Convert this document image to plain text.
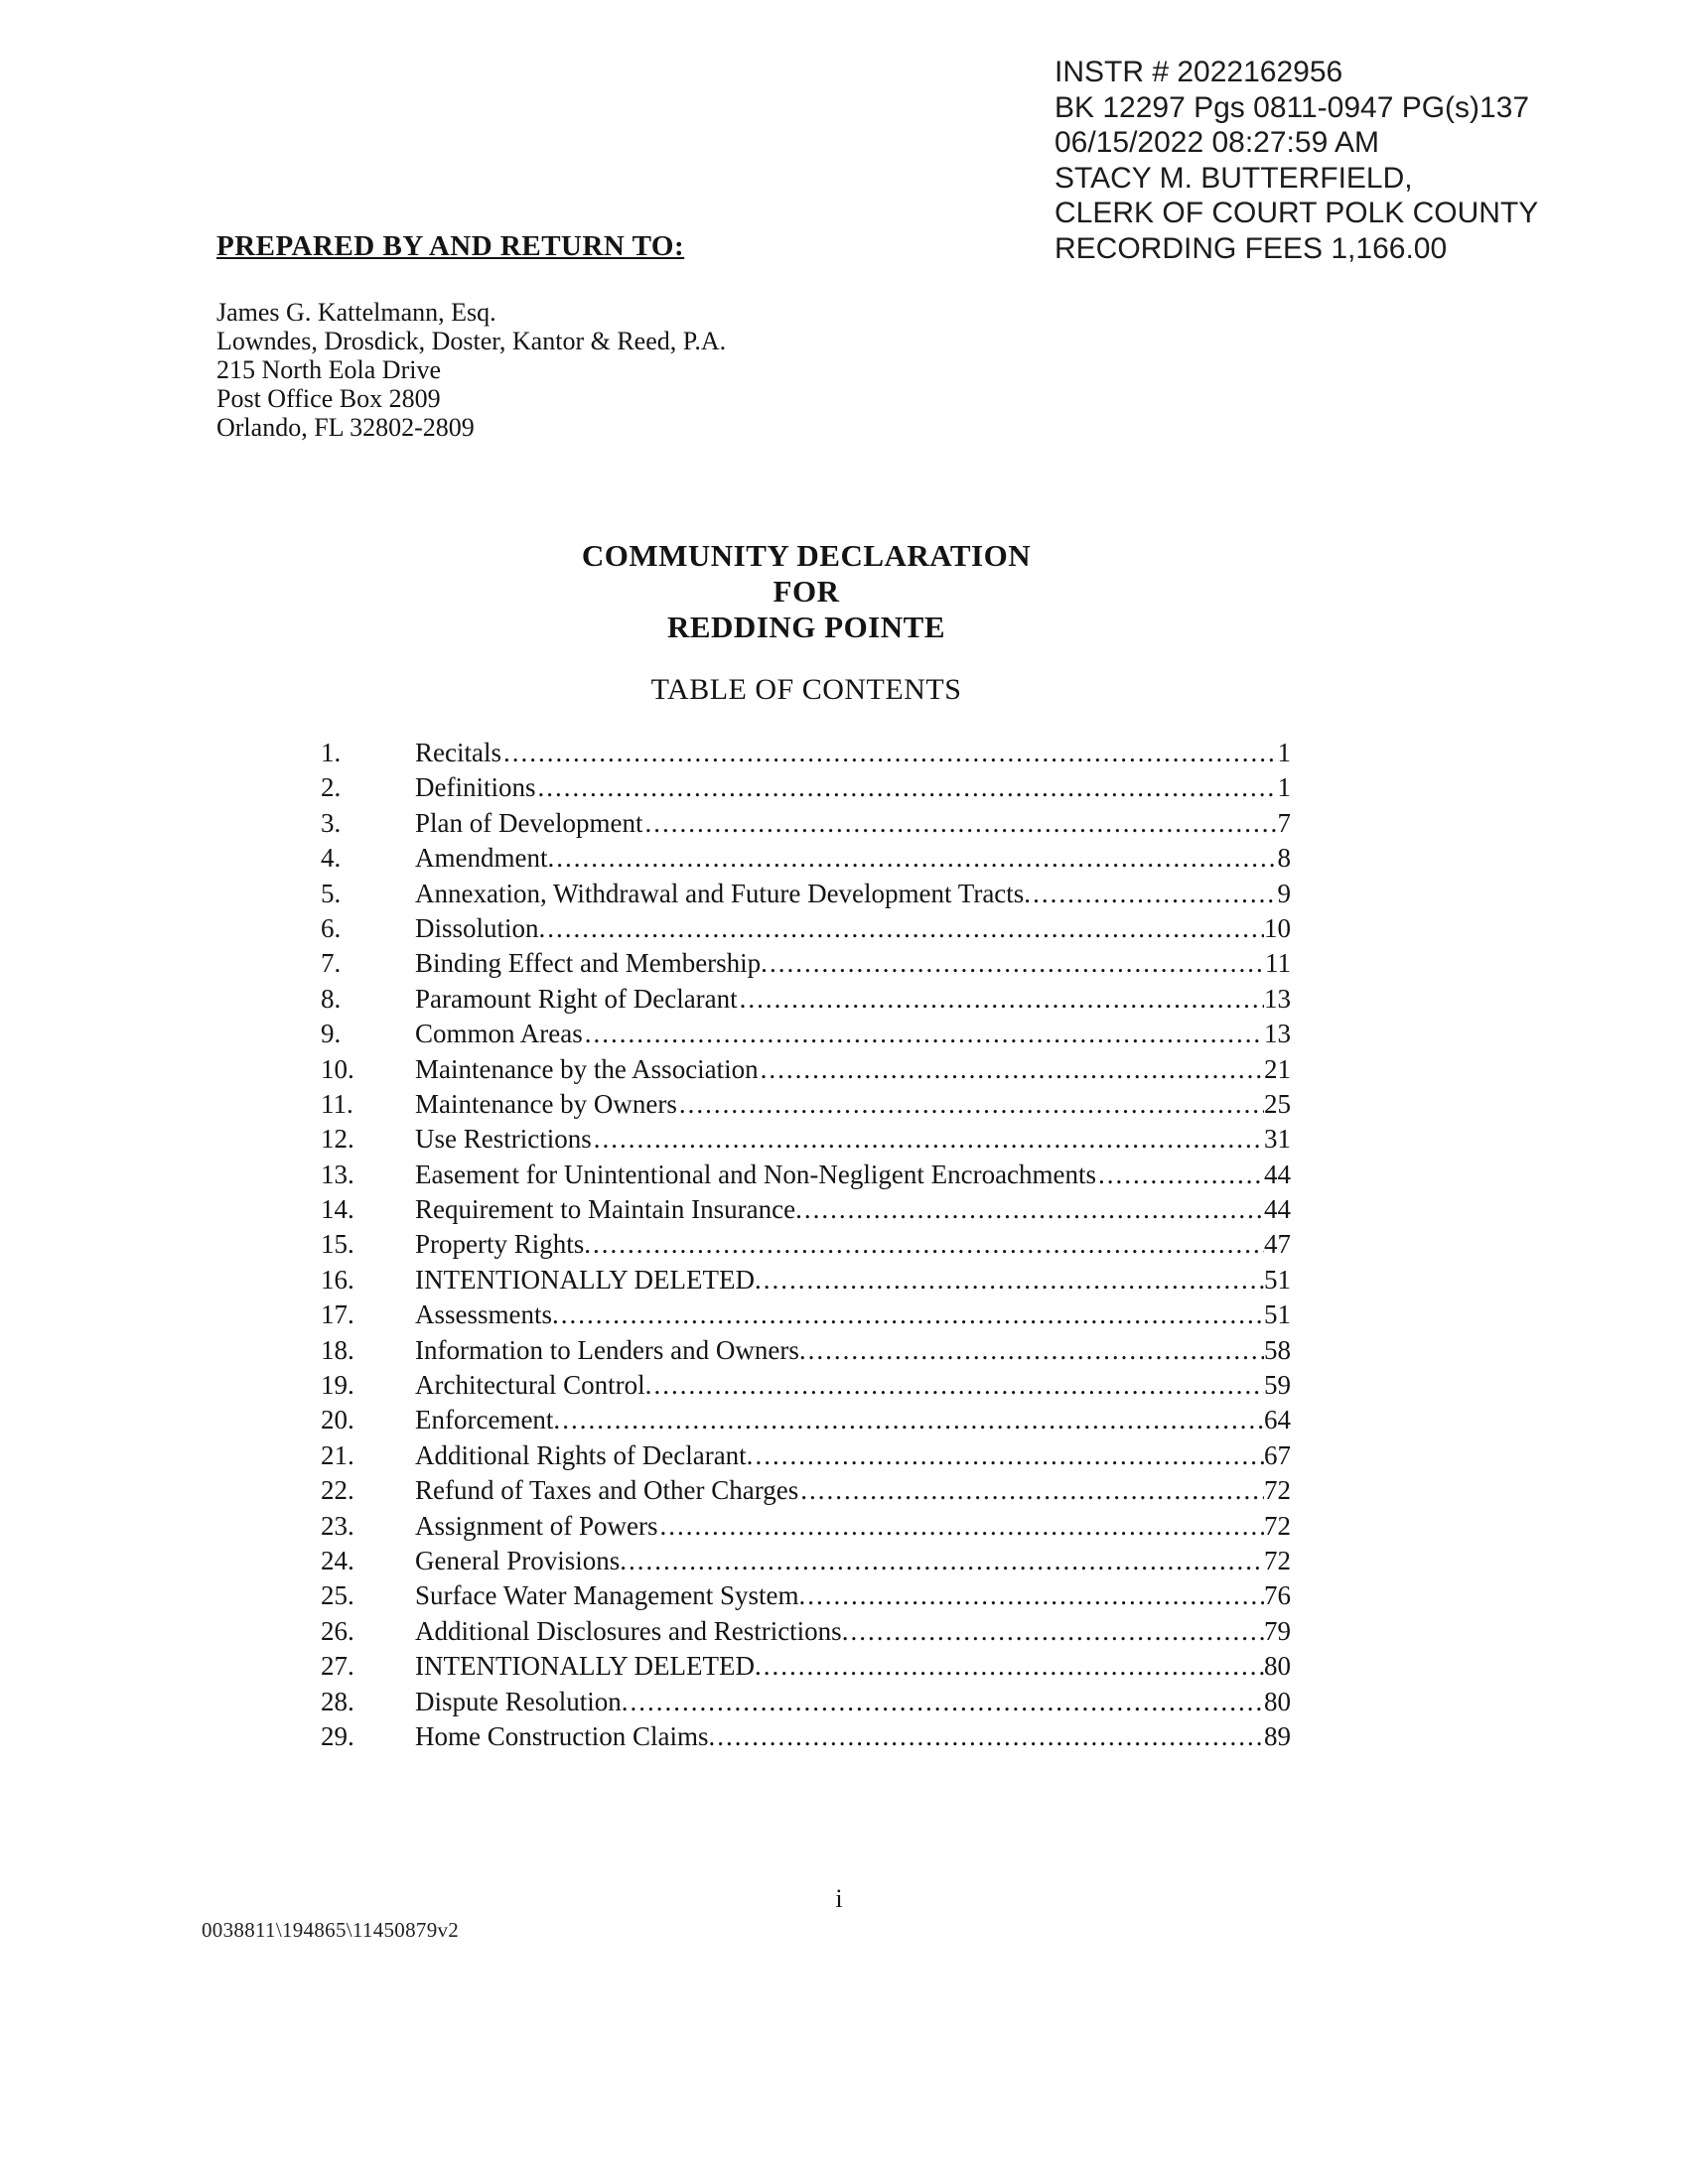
INSTR # 2022162956
BK 12297 Pgs 0811-0947 PG(s)137
06/15/2022 08:27:59 AM
STACY M. BUTTERFIELD,
CLERK OF COURT POLK COUNTY
RECORDING FEES 1,166.00
PREPARED BY AND RETURN TO:
James G. Kattelmann, Esq.
Lowndes, Drosdick, Doster, Kantor & Reed, P.A.
215 North Eola Drive
Post Office Box 2809
Orlando, FL 32802-2809
COMMUNITY DECLARATION
FOR
REDDING POINTE
TABLE OF CONTENTS
1.	Recitals .....	1
2.	Definitions .....	1
3.	Plan of Development .....	7
4.	Amendment. .....	8
5.	Annexation, Withdrawal and Future Development Tracts. .....	9
6.	Dissolution. .....	10
7.	Binding Effect and Membership. .....	11
8.	Paramount Right of Declarant .....	13
9.	Common Areas .....	13
10.	Maintenance by the Association .....	21
11.	Maintenance by Owners .....	25
12.	Use Restrictions .....	31
13.	Easement for Unintentional and Non-Negligent Encroachments .....	44
14.	Requirement to Maintain Insurance. .....	44
15.	Property Rights. .....	47
16.	INTENTIONALLY DELETED. .....	51
17.	Assessments. .....	51
18.	Information to Lenders and Owners. .....	58
19.	Architectural Control. .....	59
20.	Enforcement. .....	64
21.	Additional Rights of Declarant. .....	67
22.	Refund of Taxes and Other Charges .....	72
23.	Assignment of Powers .....	72
24.	General Provisions. .....	72
25.	Surface Water Management System. .....	76
26.	Additional Disclosures and Restrictions. .....	79
27.	INTENTIONALLY DELETED. .....	80
28.	Dispute Resolution. .....	80
29.	Home Construction Claims. .....	89
i
0038811\194865\11450879v2
